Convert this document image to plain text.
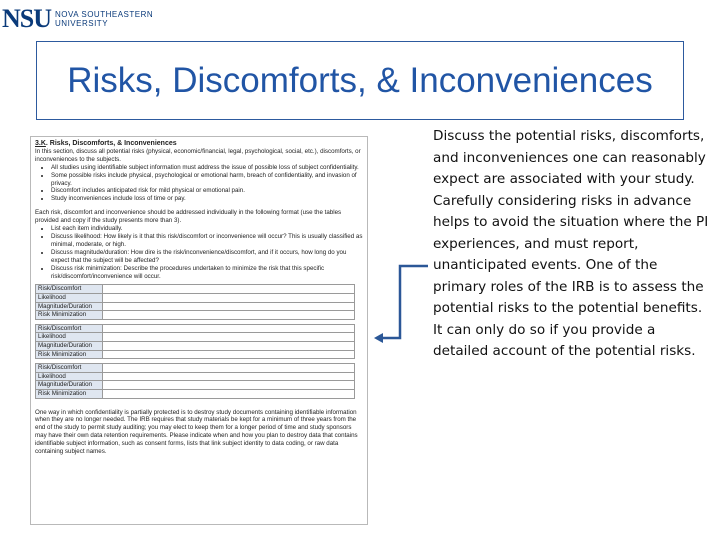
NSU NOVA SOUTHEASTERN
UNIVERSITY
Risks, Discomforts, & Inconveniences
3.K. Risks, Discomforts, & Inconveniences

In this section, discuss all potential risks (physical, economic/financial, legal, psychological, social, etc.), discomforts, or inconveniences to the subjects.

• All studies using identifiable subject information must address the issue of possible loss of subject confidentiality.
• Some possible risks include physical, psychological or emotional harm, breach of confidentiality, and invasion of privacy.
• Discomfort includes anticipated risk for mild physical or emotional pain.
• Study inconveniences include loss of time or pay.

Each risk, discomfort and inconvenience should be addressed individually in the following format (use the tables provided and copy if the study presents more than 3).

• List each item individually.
• Discuss likelihood: How likely is it that this risk/discomfort or inconvenience will occur? This is usually classified as minimal, moderate, or high.
• Discuss magnitude/duration: How dire is the risk/inconvenience/discomfort, and if it occurs, how long do you expect that the subject will be affected?
• Discuss risk minimization: Describe the procedures undertaken to minimize the risk that this specific risk/discomfort/inconvenience will occur.
Risk/Discomfort	
Likelihood	
Magnitude/Duration	
Risk Minimization	
Risk/Discomfort	
Likelihood	
Magnitude/Duration	
Risk Minimization	
Risk/Discomfort	
Likelihood	
Magnitude/Duration	
Risk Minimization	

One way in which confidentiality is partially protected is to destroy study documents containing identifiable information when they are no longer needed. The IRB requires that study materials be kept for a minimum of three years from the end of the study to permit study auditing; you may elect to keep them for a longer period of time and study sponsors may have their own data retention requirements. Please indicate when and how you plan to destroy data that contains identifiable subject information, such as consent forms, lists that link subject identity to data coding, or raw data containing subject names.

Discuss the potential risks, discomforts, and inconveniences one can reasonably expect are associated with your study. Carefully considering risks in advance helps to avoid the situation where the PI experiences, and must report, unanticipated events. One of the primary roles of the IRB is to assess the potential risks to the potential benefits. It can only do so if you provide a detailed account of the potential risks.
